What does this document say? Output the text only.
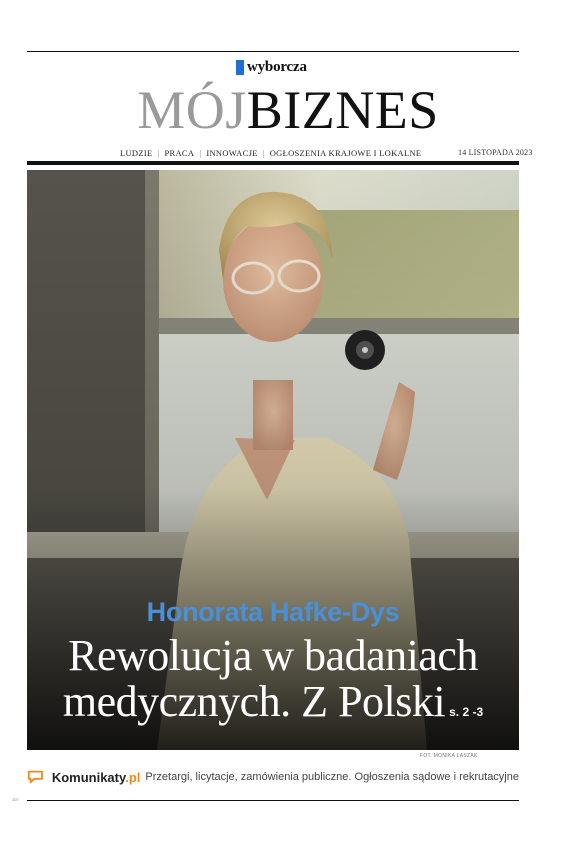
wyborcza
MÓJBIZNES
LUDZIE | PRACA | INNOWACJE | OGŁOSZENIA KRAJOWE I LOKALNE	14 LISTOPADA 2023
Honorata Hafke-Dys
Rewolucja w badaniach
medycznych. Z Polski s. 2 -3
FOT. MONIKA ŁASZAK
Komunikaty.pl Przetargi, licytacje, zamówienia publiczne. Ogłoszenia sądowe i rekrutacyjne
107
